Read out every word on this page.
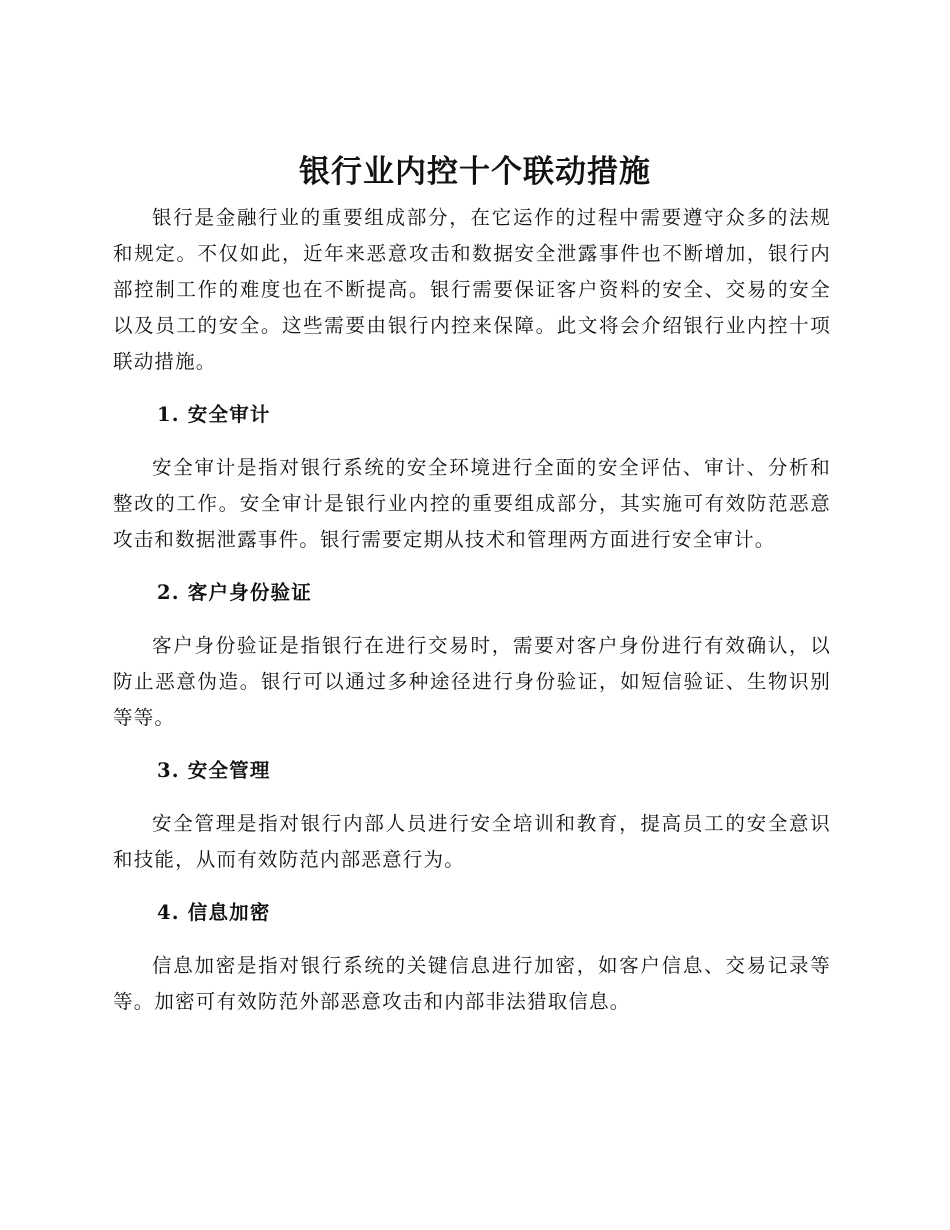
银行业内控十个联动措施

银行是金融行业的重要组成部分，在它运作的过程中需要遵守众多的法规和规定。不仅如此，近年来恶意攻击和数据安全泄露事件也不断增加，银行内部控制工作的难度也在不断提高。银行需要保证客户资料的安全、交易的安全以及员工的安全。这些需要由银行内控来保障。此文将会介绍银行业内控十项联动措施。

1. 安全审计

安全审计是指对银行系统的安全环境进行全面的安全评估、审计、分析和整改的工作。安全审计是银行业内控的重要组成部分，其实施可有效防范恶意攻击和数据泄露事件。银行需要定期从技术和管理两方面进行安全审计。

2. 客户身份验证

客户身份验证是指银行在进行交易时，需要对客户身份进行有效确认，以防止恶意伪造。银行可以通过多种途径进行身份验证，如短信验证、生物识别等等。

3. 安全管理

安全管理是指对银行内部人员进行安全培训和教育，提高员工的安全意识和技能，从而有效防范内部恶意行为。

4. 信息加密

信息加密是指对银行系统的关键信息进行加密，如客户信息、交易记录等等。加密可有效防范外部恶意攻击和内部非法猎取信息。
